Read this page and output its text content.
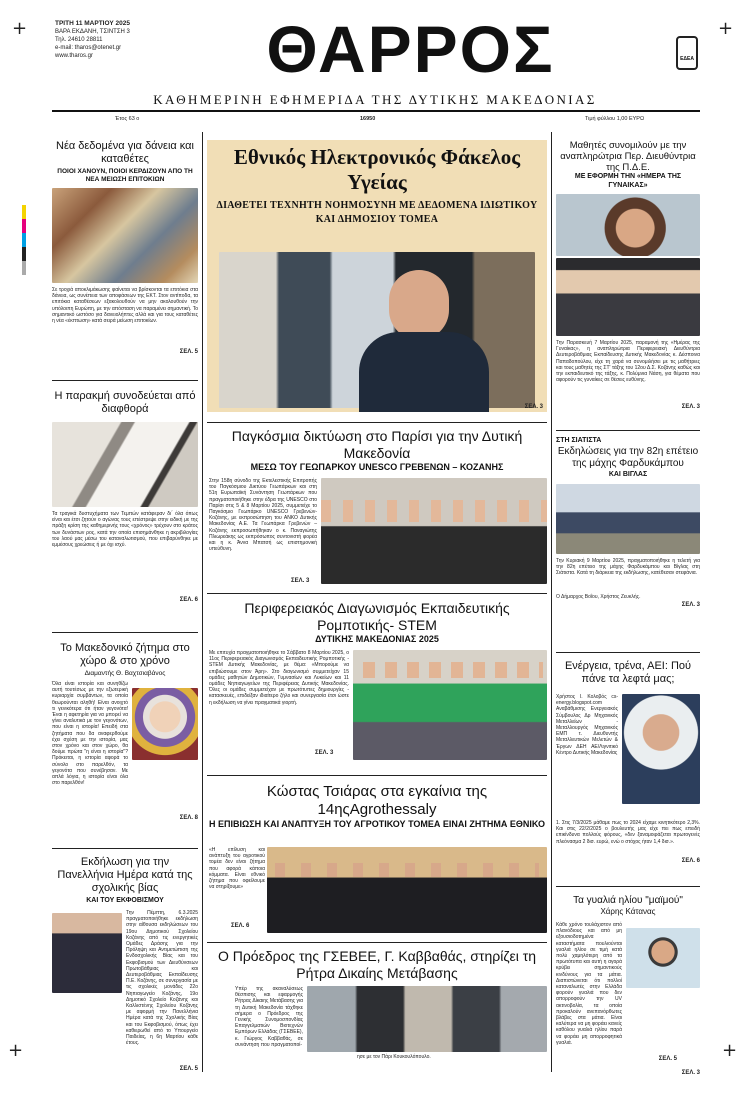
+	+
+	+
ΤΡΙΤΗ 11 ΜΑΡΤΙΟΥ 2025
ΒΑΡΑ ΕΚΔΑΝΗ, ΤΣΙΝΤΣΗ 3
Τηλ. 24610 28811
e-mail: tharos@otenet.gr
www.tharos.gr	ΘΑΡΡΟΣ	ΕΔΕΑ
ΚΑΘΗΜΕΡΙΝΗ ΕΦΗΜΕΡΙΔΑ ΤΗΣ ΔΥΤΙΚΗΣ ΜΑΚΕΔΟΝΙΑΣ
Έτος 63 ο	16950	Τιμή φύλλου 1,00 ΕΥΡΩ
Νέα δεδομένα για δάνεια και καταθέτες
ΠΟΙΟΙ ΧΑΝΟΥΝ, ΠΟΙΟΙ ΚΕΡΔΙΖΟΥΝ ΑΠΟ ΤΗ ΝΕΑ ΜΕΙΩΣΗ ΕΠΙΤΟΚΙΩΝ
Σε τροχιά αποκλιμάκωσης φαίνεται να βρίσκονται τα επιτόκια στα δάνεια, ως συνέπεια των αποφάσεων της ΕΚΤ. Στον αντίποδα, τα επιτόκια καταθέσεων εξακολουθούν να μην ακολουθούν την υπόλοιπη Ευρώπη, με την απόσταση να παραμένει σημαντική. Το σημαντικό ωστόσο για δανειολήπτες αλλά και για τους καταθέτες η νέα «έκπτωση» κατά σειρά μείωση επιτοκίων.
ΣΕΛ. 5
Η παρακμή συνοδεύεται από διαφθορά
Τα τραγικά δυστυχήματα των Τεμπών κατάφεραν δι΄ όλα όπως είναι και έτσι ζητούν ο αγώνας τους επέστρεψε στην ειδική με της πράξη κρίση της καθημερινής τους «χρόνος» τρέχουν στο κράτος των δυνάστων ρος, κατά την οποία επισημάνθηκε η ακριβιλογίας του λαού μας μέσω του καταναλωτισμού, που επιβαρύνθηκε με εμμέσους χρεώσεις ή με όχι ισχύ.
ΣΕΛ. 6
Το Μακεδονικό ζήτημα στο χώρο & στο χρόνο
Διαμαντής Θ. Βαχτσιαβάνος
Όλα είναι ιστορία και συνηθίζω αυτή τουτέσως με την εξωτερική κυριαρχία συμβάντων, τα οποία θεωρούνται αληθή! Είναι ανοιχτό τι γενικότερα ότι ήταν γεγονότα! Έναι η αφετηρία για να μπορεί να γίνει αναλυτικά με τον γεγονότων, που είναι η ιστορία! Επειδή στα ζητήματα που δα αναφερθούμε έχει σχέση με την ιστορία, μας στον χρόνο και στον χώρο, θα δούμε πρώτα "η είναι η ιστορία"? Πρόκειται, η ιστορία αφορά το σύνολο στο παρελθόν, τα γεγονότα που συνέβησαν. Με απλά λόγια, η ιστορία είναι όλα στο παρελθόν!
ΣΕΛ. 8
Εκδήλωση για την Πανελλήνια Ημέρα κατά της σχολικής βίας
ΚΑΙ ΤΟΥ ΕΚΦΟΒΙΣΜΟΥ
Την Πέμπτη, 6.3.2025 πραγματοποιήθηκε εκδήλωση στην αίθουσα εκδηλώσεων του 19ου Δημοτικού Σχολείου Κοζάνης από τις ενεργητικές Ομάδες Δράσης για την Πρόληψη και Αντιμετώπιση της Ενδοσχολικής Βίας και του Εκφοβισμού των Διευθύνσεων Πρωτοβάθμιας και Δευτεροβάθμιας Εκπαίδευσης Π.Ε. Κοζάνης, σε συνεργασία με τις σχολικές μονάδες 22ο Νηπιαγωγείο Κοζάνης, 19ο Δημοτικό Σχολείο Κοζάνης και Καλλιστένης Σχολείου Κοζάνης με αφορμή την Πανελλήνια Ημέρα κατά της Σχολικής Βίας και του Εκφοβισμού, όπως έχει καθιερωθεί από το Υπουργείο Παιδείας, η 6η Μαρτίου κάθε έτους.
ΣΕΛ. 5
Εθνικός Ηλεκτρονικός Φάκελος Υγείας
ΔΙΑΘΕΤΕΙ ΤΕΧΝΗΤΗ ΝΟΗΜΟΣΥΝΗ ΜΕ ΔΕΔΟΜΕΝΑ ΙΔΙΩΤΙΚΟΥ ΚΑΙ ΔΗΜΟΣΙΟΥ ΤΟΜΕΑ
ΣΕΛ. 3
Παγκόσμια δικτύωση στο Παρίσι για την Δυτική Μακεδονία
ΜΕΣΩ ΤΟΥ ΓΕΩΠΑΡΚΟΥ UNESCO ΓΡΕΒΕΝΩΝ – ΚΟΖΑΝΗΣ
Στην 158η σύνοδο της Εκτελεστικής Επιτροπής του Παγκόσμιου Δικτύου Γεωπάρκων και στη 51η Ευρωπαϊκή Συνάντηση Γεωπάρκων που πραγματοποιήθηκε στην έδρα της UNESCO στο Παρίσι στις 5 & 8 Μαρτίου 2025, συμμετείχε το Παγκόσμιο Γεωπάρκο UNESCO Γρεβενών-Κοζάνης, με εκπροσώπηση του ΑΝΚΟ Δυτικής Μακεδονίας Α.Ε. Τα Γεωπάρκα Γρεβενών – Κοζάνης εκπροσωπήθηκαν ο κ. Παναγιώτης Πλιωρεάκης ως εκπρόσωπος συντονιστή φορέα και η κ. Άννα Μπατσή ως επιστημονική υπεύθυνη.
ΣΕΛ. 3
Περιφερειακός Διαγωνισμός Εκπαιδευτικής Ρομποτικής- STEM
ΔΥΤΙΚΗΣ ΜΑΚΕΔΟΝΙΑΣ 2025
Με επιτυχία πραγματοποιήθηκε το Σάββατο 8 Μαρτίου 2025, ο 11ος Περιφερειακός Διαγωνισμός Εκπαιδευτικής Ρομποτικής - STEM Δυτικής Μακεδονίας, με θέμα: «Μπορούμε να επιβιώσουμε στον Άρη». Στο διαγωνισμό συμμετείχαν 15 ομάδες μαθητών Δημοτικών, Γυμνασίων και Λυκείων και 11 ομάδες Νηπιαγωγείων της Περιφέρειας Δυτικής Μακεδονίας. Όλες οι ομάδες συμμετείχαν με πρωτότυπες δημιουργίες - κατασκευές, επιδείξαν ιδιαίτερο ζήλο και συνεργασία έτσι ώστε η εκδήλωση να γίνει πραγματικά γιορτή.
ΣΕΛ. 3
Κώστας Τσιάρας στα εγκαίνια της 14ηςAgrothessaly
Η ΕΠΙΒΙΩΣΗ ΚΑΙ ΑΝΑΠΤΥΞΗ ΤΟΥ ΑΓΡΟΤΙΚΟΥ ΤΟΜΕΑ ΕΙΝΑΙ ΖΗΤΗΜΑ ΕΘΝΙΚΟ
«Η επίλυση και ανάπτυξη του αγροτικού τομέα δεν είναι ζήτημα που αφορά κάποια κόμματα. Είναι εθνικό ζήτημα που οφείλουμε να στηρίξουμε»
ΣΕΛ. 6
Ο Πρόεδρος της ΓΣΕΒΕΕ, Γ. Καββαθάς, στηρίζει τη Ρήτρα Δικαίης Μετάβασης
Υπέρ της ακαναλύσεως θέσπισης και εφαρμογής Ρήτρας Δίκαιης Μετάβασης για τη Δυτική Μακεδονία τάχθηκε σήμερα ο Πρόεδρος της Γενικής Συνομοσπονδίας Επαγγελματιών Βιοτεχνών Εμπόρων Ελλάδας (ΓΣΕΒΕΕ), κ. Γιώργος Καββαθάς, σε συνάντηση που πραγματοποί-
ησε με τον Πάρι Κουκουλόπουλο.	ΣΕΛ. 5
Μαθητές συνομιλούν με την αναπληρώτρια Περ. Διευθύντρια της Π.Δ.Ε.
ΜΕ ΕΦΟΡΜΗ ΤΗΝ «ΗΜΕΡΑ ΤΗΣ ΓΥΝΑΙΚΑΣ»
Την Παρασκευή 7 Μαρτίου 2025, παραμονή της «Ημέρας της Γυναίκας», η αναπληρώτρια Περιφερειακή Διευθύντρια Δευτεροβάθμιας Εκπαίδευσης Δυτικής Μακεδονίας κ. Δέσποινα Παπαδοπούλου, είχε τη χαρά να συνομιλήσει με τις μαθήτριες και τους μαθητές της ΣΤ' τάξης του 12ου Δ.Σ. Κοζάνης καθώς και την εκπαιδευτικό της τάξης, κ. Πολύμνια Νάση, για θέματα που αφορούν τις γυναίκες σε θέσεις ευθύνης.
ΣΕΛ. 3
ΣΤΗ ΣΙΑΤΙΣΤΑ
Εκδηλώσεις για την 82η επέτειο της μάχης Φαρδυκάμπου
ΚΑΙ ΒΙΓΛΑΣ
Την Κυριακή 9 Μαρτίου 2025, πραγματοποιήθηκε η τελετή για την 82η επέτειο της μάχης Φαρδυκάμπου και Βίγλας στη Σιάτιστα. Κατά τη διάρκεια της εκδήλωσης, κατέθεσαν στεφάνια.
Ο Δήμαρχος Βοΐου, Χρήστος Ζευκλής.
ΣΕΛ. 3
Ενέργεια, τρένα, ΑΕΙ: Πού πάνε τα λεφτά μας;
Χρήστος Ι. Κολοβός cs-energy.blogspot.com Αναβάθμισης Ενεργειακός Σύμβουλος Δρ Μηχανικός Μεταλλείων - Μεταλλουργός Μηχανικός ΕΜΠ τ. Διευθυντής Μεταλλευτικών Μελετών & Έργων ΔΕΗ ΑΕ/Λιγνιτικό Κέντρο Δυτικής Μακεδονίας
1. Στις 7/3/2025 μάθαμε πως το 2024 είχαμε κινητικότερο 2,3%. Και στις 22/2/2025 ο βουλευτής μας είχε πει πως επειδή επικίνδυνα πολλούς φόρους, «δεν ξαναμοιράζεται πρωτογενές πλεόνασμα 2 δισ. ευρώ, ενώ ο στόχος ήταν 1,4 δισ.».
ΣΕΛ. 6
Τα γυαλιά ηλίου "μαϊμού"
Χάρης Κάτανας
Κάθε χρόνο τουλάχιστον από πλανόδιους και από μη εξουσιοδοτημένα καταστήματα πουλιούνται γυαλιά ηλίου σε τιμή κατά πολύ χαμηλότερη από τα πρωτότυπα και αυτή η αγορά κρύβει σημαντικούς κινδύνους για τα μάτια. Διαπιστώνεται ότι πολλοί καταναλωτές στην Ελλάδα φορούν γυαλιά που δεν απορροφούν την UV ακτινοβολία, τα οποία προκαλούν ανεπανόρθωτες βλάβες στα μάτια. Είναι καλύτερα να μη φοράει κανείς καθόλου γυαλιά ηλίου παρά να φοράει μη απορροφητικά γυαλιά.
ΣΕΛ. 3
